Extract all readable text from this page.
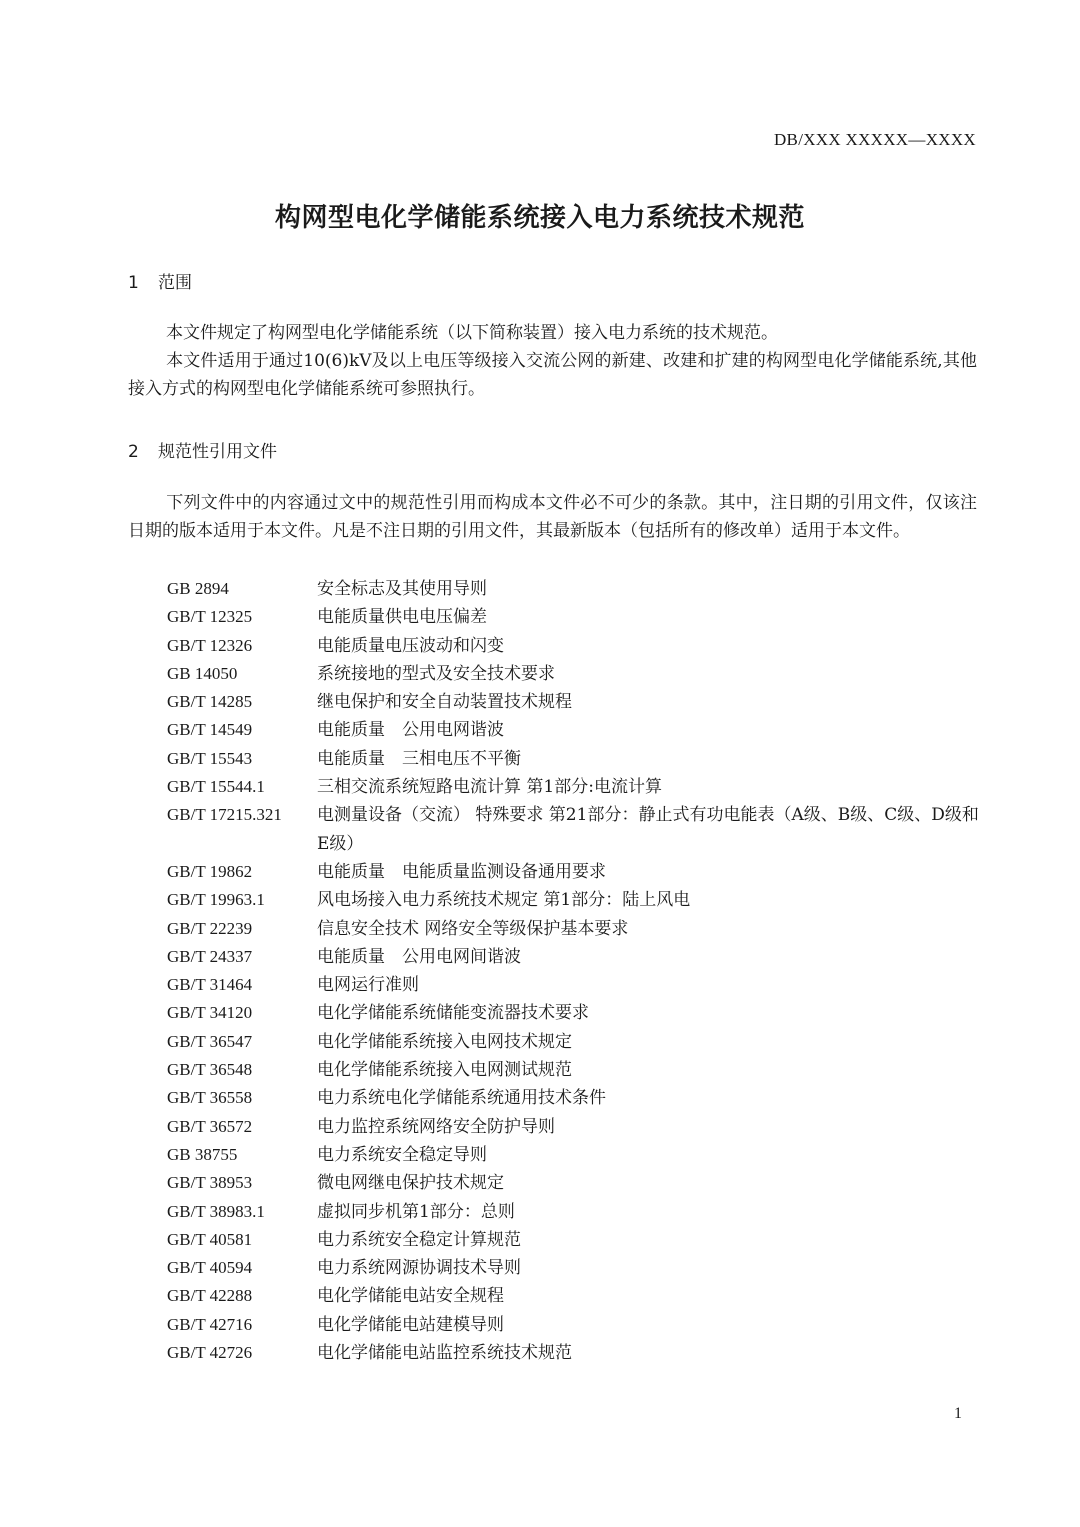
DB/XXX XXXXX—XXXX
构网型电化学储能系统接入电力系统技术规范
1 范围
本文件规定了构网型电化学储能系统（以下简称装置）接入电力系统的技术规范。
本文件适用于通过10(6)kV及以上电压等级接入交流公网的新建、改建和扩建的构网型电化学储能系统,其他接入方式的构网型电化学储能系统可参照执行。
2 规范性引用文件
下列文件中的内容通过文中的规范性引用而构成本文件必不可少的条款。其中，注日期的引用文件，仅该注日期的版本适用于本文件。凡是不注日期的引用文件，其最新版本（包括所有的修改单）适用于本文件。
GB 2894	安全标志及其使用导则
GB/T 12325	电能质量供电电压偏差
GB/T 12326	电能质量电压波动和闪变
GB 14050	系统接地的型式及安全技术要求
GB/T 14285	继电保护和安全自动装置技术规程
GB/T 14549	电能质量　公用电网谐波
GB/T 15543	电能质量　三相电压不平衡
GB/T 15544.1	三相交流系统短路电流计算 第1部分:电流计算
GB/T 17215.321	电测量设备（交流） 特殊要求 第21部分：静止式有功电能表（A级、B级、C级、D级和E级）
GB/T 19862	电能质量　电能质量监测设备通用要求
GB/T 19963.1	风电场接入电力系统技术规定 第1部分：陆上风电
GB/T 22239	信息安全技术 网络安全等级保护基本要求
GB/T 24337	电能质量　公用电网间谐波
GB/T 31464	电网运行准则
GB/T 34120	电化学储能系统储能变流器技术要求
GB/T 36547	电化学储能系统接入电网技术规定
GB/T 36548	电化学储能系统接入电网测试规范
GB/T 36558	电力系统电化学储能系统通用技术条件
GB/T 36572	电力监控系统网络安全防护导则
GB 38755	电力系统安全稳定导则
GB/T 38953	微电网继电保护技术规定
GB/T 38983.1	虚拟同步机第1部分：总则
GB/T 40581	电力系统安全稳定计算规范
GB/T 40594	电力系统网源协调技术导则
GB/T 42288	电化学储能电站安全规程
GB/T 42716	电化学储能电站建模导则
GB/T 42726	电化学储能电站监控系统技术规范
1
